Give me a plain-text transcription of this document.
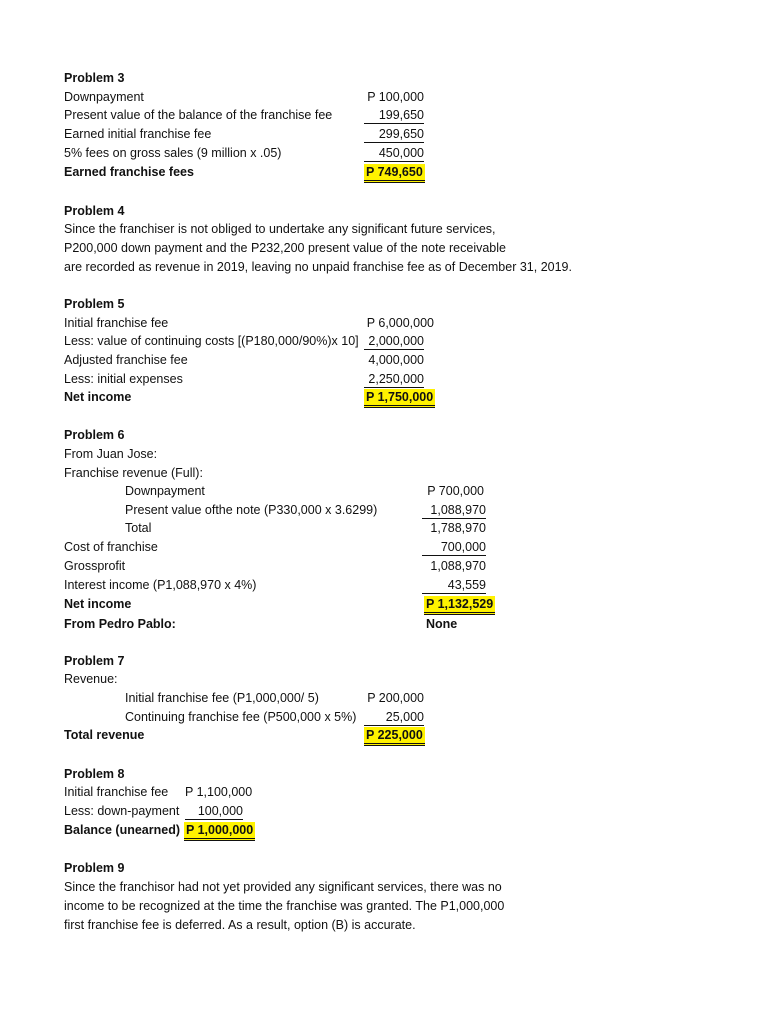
Problem 3
Downpayment	P 100,000
Present value of the balance of the franchise fee	199,650
Earned initial franchise fee	299,650
5% fees on gross sales (9 million x .05)	450,000
Earned franchise fees	P 749,650
Problem 4
Since the franchiser is not obliged to undertake any significant future services,
P200,000 down payment and the P232,200 present value of the note receivable
are recorded as revenue in 2019, leaving no unpaid franchise fee as of December 31, 2019.
Problem 5
Initial franchise fee	P 6,000,000
Less: value of continuing costs [(P180,000/90%)x 10] 2,000,000
Adjusted franchise fee	4,000,000
Less: initial expenses	2,250,000
Net income	P 1,750,000
Problem 6
From Juan Jose:
Franchise revenue (Full):
Downpayment	P 700,000
Present value ofthe note (P330,000 x 3.6299)	1,088,970
Total	1,788,970
Cost of franchise	700,000
Grossprofit	1,088,970
Interest income (P1,088,970 x 4%)	43,559
Net income	P 1,132,529
From Pedro Pablo:	None
Problem 7
Revenue:
Initial franchise fee (P1,000,000/ 5)	P 200,000
Continuing franchise fee (P500,000 x 5%)	25,000
Total revenue	P 225,000
Problem 8
Initial franchise fee P 1,100,000
Less: down-payment	100,000
Balance (unearned) P 1,000,000
Problem 9
Since the franchisor had not yet provided any significant services, there was no
income to be recognized at the time the franchise was granted. The P1,000,000
first franchise fee is deferred. As a result, option (B) is accurate.
